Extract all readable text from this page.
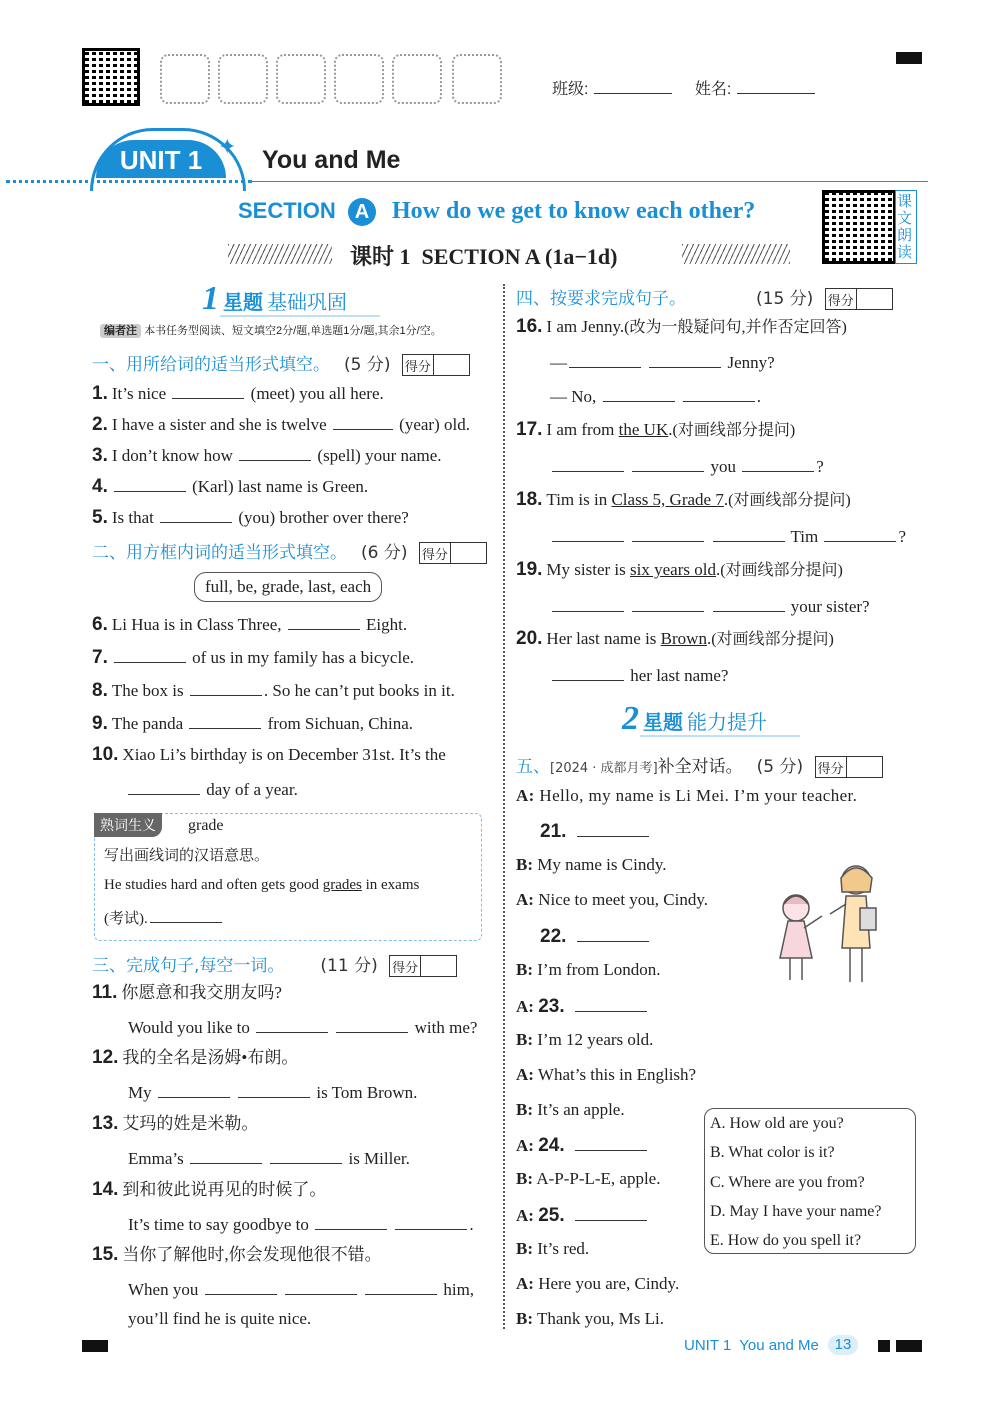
班级:	姓名:
UNIT 1 ✦ You and Me
SECTION A How do we get to know each other?
课时 1  SECTION A (1a−1d)
课文朗读
1 星题 基础巩固
编者注 本书任务型阅读、短文填空2分/题,单选题1分/题,其余1分/空。
一、用所给词的适当形式填空。 (5 分) 得分
1. It’s nice	(meet) you all here.
2. I have a sister and she is twelve	(year) old.
3. I don’t know how	(spell) your name.
4.	(Karl) last name is Green.
5. Is that	(you) brother over there?
二、用方框内词的适当形式填空。 (6 分) 得分
full, be, grade, last, each
6. Li Hua is in Class Three,	Eight.
7.	of us in my family has a bicycle.
8. The box is	. So he can’t put books in it.
9. The panda	from Sichuan, China.
10. Xiao Li’s birthday is on December 31st. It’s the
day of a year.
熟词生义	grade
写出画线词的汉语意思。
He studies hard and often gets good grades in exams
(考试).
三、完成句子,每空一词。 (11 分) 得分
11. 你愿意和我交朋友吗?
Would you like to	with me?
12. 我的全名是汤姆•布朗。
My	is Tom Brown.
13. 艾玛的姓是米勒。
Emma’s	is Miller.
14. 到和彼此说再见的时候了。
It’s time to say goodbye to	.
15. 当你了解他时,你会发现他很不错。
When you	him,
you’ll find he is quite nice.
四、按要求完成句子。	(15 分) 得分
16. I am Jenny.(改为一般疑问句,并作否定回答)
—	Jenny?
— No,	.
17. I am from the UK.(对画线部分提问)
you	?
18. Tim is in Class 5, Grade 7.(对画线部分提问)
Tim	?
19. My sister is six years old.(对画线部分提问)
your sister?
20. Her last name is Brown.(对画线部分提问)
her last name?
2 星题 能力提升
五、[2024 · 成都月考]补全对话。 (5 分) 得分
A: Hello, my name is Li Mei. I’m your teacher.
21.
B: My name is Cindy.
A: Nice to meet you, Cindy.
22.
B: I’m from London.
A: 23.
B: I’m 12 years old.
A: What’s this in English?
B: It’s an apple.
A: 24.
B: A-P-P-L-E, apple.
A: 25.
B: It’s red.
A: Here you are, Cindy.
B: Thank you, Ms Li.
A. How old are you?
B. What color is it?
C. Where are you from?
D. May I have your name?
E. How do you spell it?
UNIT 1  You and Me	13
